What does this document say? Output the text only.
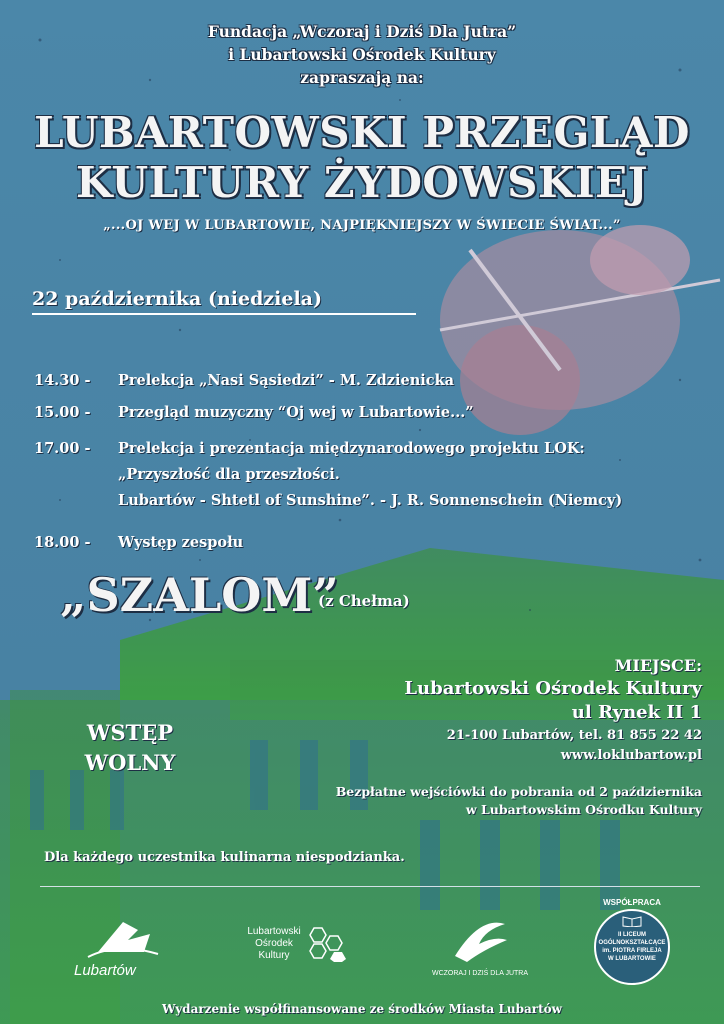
Fundacja „Wczoraj i Dziś Dla Jutra”
i Lubartowski Ośrodek Kultury
zapraszają na:
LUBARTOWSKI PRZEGLĄD
KULTURY ŻYDOWSKIEJ
„...OJ WEJ W LUBARTOWIE, NAJPIĘKNIEJSZY W ŚWIECIE ŚWIAT...”
22 października (niedziela)
14.30 - Prelekcja „Nasi Sąsiedzi” - M. Zdzienicka
15.00 - Przegląd muzyczny “Oj wej w Lubartowie...”
17.00 - Prelekcja i prezentacja międzynarodowego projektu LOK:
„Przyszłość dla przeszłości.
Lubartów - Shtetl of Sunshine”. - J. R. Sonnenschein (Niemcy)
18.00 - Występ zespołu
„SZALOM”
(z Chełma)
MIEJSCE:
Lubartowski Ośrodek Kultury
ul Rynek II 1
21-100 Lubartów, tel. 81 855 22 42
www.loklubartow.pl
WSTĘP
WOLNY
Bezpłatne wejściówki do pobrania od 2 października
w Lubartowskim Ośrodku Kultury
Dla każdego uczestnika kulinarna niespodzianka.
Lubartów
Lubartowski
Ośrodek
Kultury
WCZORAJ I DZIŚ DLA JUTRA
WSPÓŁPRACA
II LICEUM
OGÓLNOKSZTAŁCĄCE
im. PIOTRA FIRLEJA
W LUBARTOWIE
Wydarzenie współfinansowane ze środków Miasta Lubartów
